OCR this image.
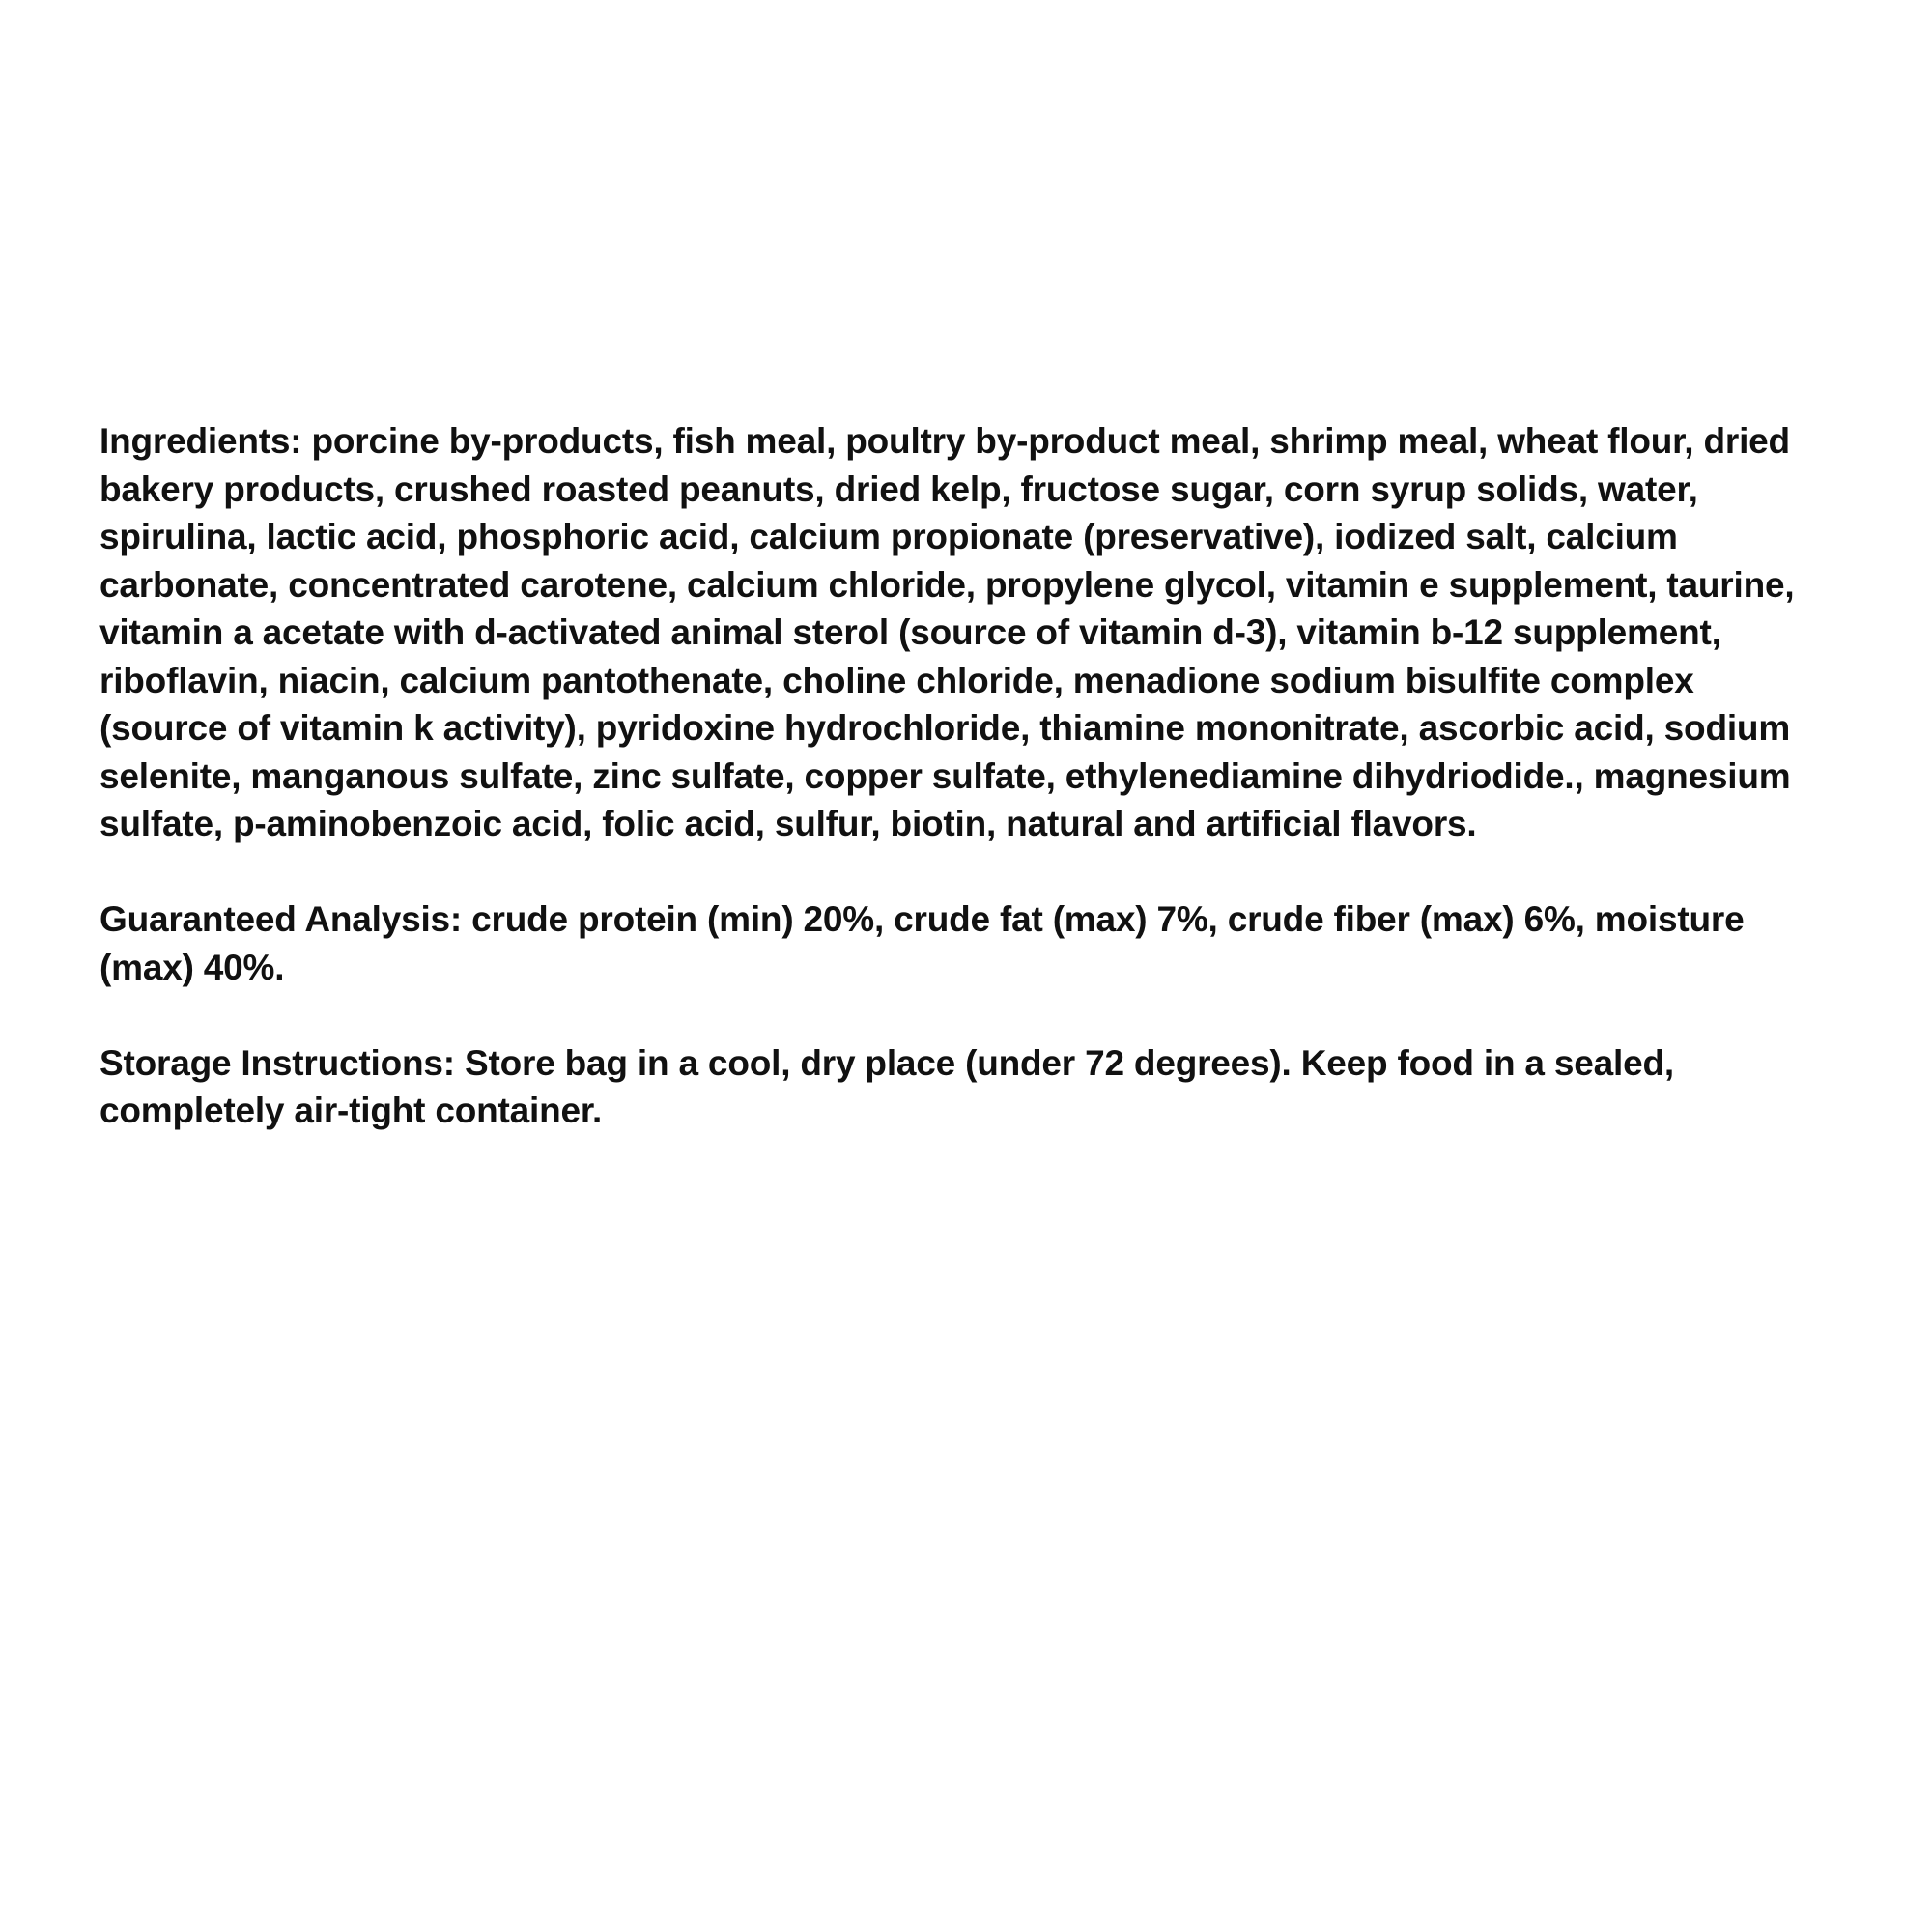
Ingredients: porcine by-products, fish meal, poultry by-product meal, shrimp meal, wheat flour, dried bakery products, crushed roasted peanuts, dried kelp, fructose sugar, corn syrup solids, water, spirulina, lactic acid, phosphoric acid, calcium propionate (preservative), iodized salt, calcium carbonate, concentrated carotene, calcium chloride, propylene glycol, vitamin e supplement, taurine, vitamin a acetate with d-activated animal sterol (source of vitamin d-3), vitamin b-12 supplement, riboflavin, niacin, calcium pantothenate, choline chloride, menadione sodium bisulfite complex (source of vitamin k activity), pyridoxine hydrochloride, thiamine mononitrate, ascorbic acid, sodium selenite, manganous sulfate, zinc sulfate, copper sulfate, ethylenediamine dihydriodide., magnesium sulfate, p-aminobenzoic acid, folic acid, sulfur, biotin, natural and artificial flavors.

Guaranteed Analysis: crude protein (min) 20%, crude fat (max) 7%, crude fiber (max) 6%, moisture (max) 40%.

Storage Instructions: Store bag in a cool, dry place (under 72 degrees). Keep food in a sealed, completely air-tight container.
